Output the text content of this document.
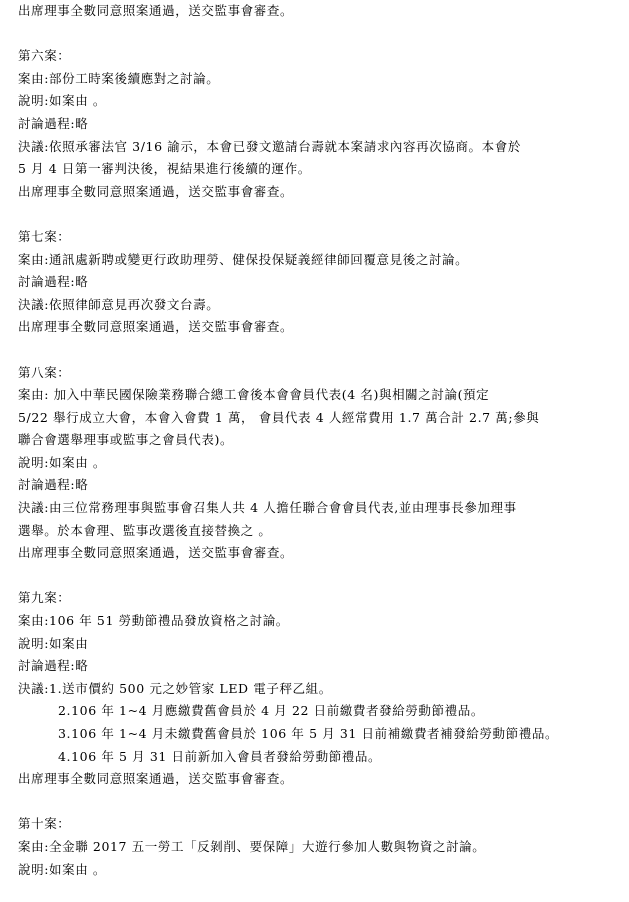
出席理事全數同意照案通過，送交監事會審查。
第六案：
案由:部份工時案後續應對之討論。
說明:如案由 。
討論過程:略
決議:依照承審法官 3/16 諭示，本會已發文邀請台壽就本案請求內容再次協商。本會於
5 月 4 日第一審判決後，視結果進行後續的運作。
出席理事全數同意照案通過，送交監事會審查。
第七案：
案由:通訊處新聘或變更行政助理勞、健保投保疑義經律師回覆意見後之討論。
討論過程:略
決議:依照律師意見再次發文台壽。
出席理事全數同意照案通過，送交監事會審查。
第八案：
案由: 加入中華民國保險業務聯合總工會後本會會員代表(4 名)與相關之討論(預定
5/22 舉行成立大會，本會入會費 1 萬， 會員代表 4 人經常費用 1.7 萬合計 2.7 萬;參與
聯合會選舉理事或監事之會員代表)。
說明:如案由 。
討論過程:略
決議:由三位常務理事與監事會召集人共 4 人擔任聯合會會員代表,並由理事長參加理事
選舉。於本會理、監事改選後直接替換之 。
出席理事全數同意照案通過，送交監事會審查。
第九案：
案由:106 年 51 勞動節禮品發放資格之討論。
說明:如案由
討論過程:略
決議:1.送市價約 500 元之妙管家 LED 電子秤乙組。
2.106 年 1~4 月應繳費舊會員於 4 月 22 日前繳費者發給勞動節禮品。
3.106 年 1~4 月未繳費舊會員於 106 年 5 月 31 日前補繳費者補發給勞動節禮品。
4.106 年 5 月 31 日前新加入會員者發給勞動節禮品。
出席理事全數同意照案通過，送交監事會審查。
第十案：
案由:全金聯 2017 五一勞工「反剝削、要保障」大遊行參加人數與物資之討論。
說明:如案由 。
